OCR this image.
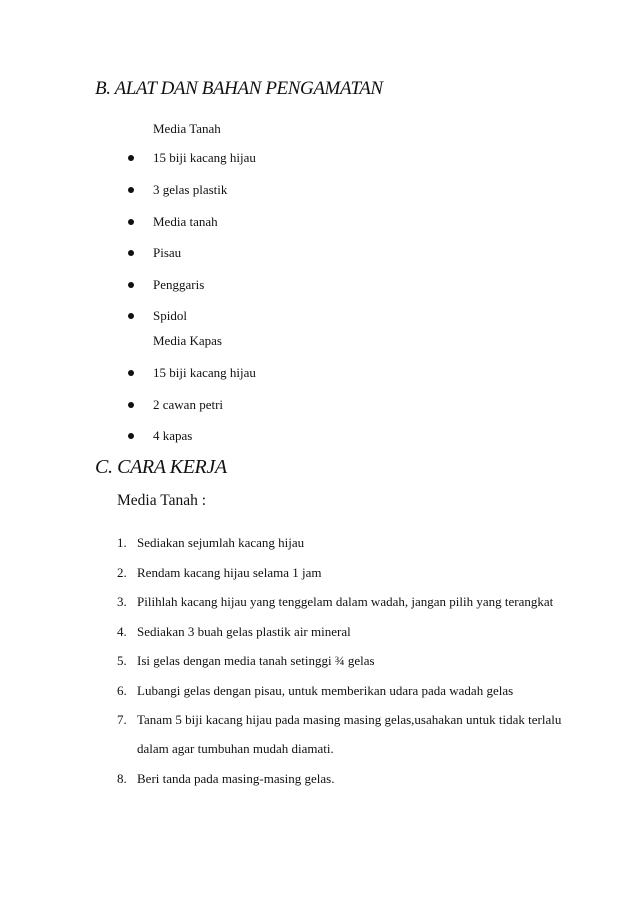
B. ALAT DAN BAHAN PENGAMATAN
Media Tanah
15 biji kacang hijau
3 gelas plastik
Media tanah
Pisau
Penggaris
Spidol
Media Kapas
15 biji kacang hijau
2 cawan petri
4 kapas
C. CARA KERJA
Media Tanah :
1. Sediakan sejumlah kacang hijau
2. Rendam kacang hijau selama 1 jam
3. Pilihlah kacang hijau yang tenggelam dalam wadah, jangan pilih yang terangkat
4. Sediakan 3 buah gelas plastik air mineral
5. Isi gelas dengan media tanah setinggi ¾ gelas
6. Lubangi gelas dengan pisau, untuk memberikan udara pada wadah gelas
7. Tanam 5 biji kacang hijau pada masing masing gelas,usahakan untuk tidak terlalu
dalam agar tumbuhan mudah diamati.
8. Beri tanda pada masing-masing gelas.
